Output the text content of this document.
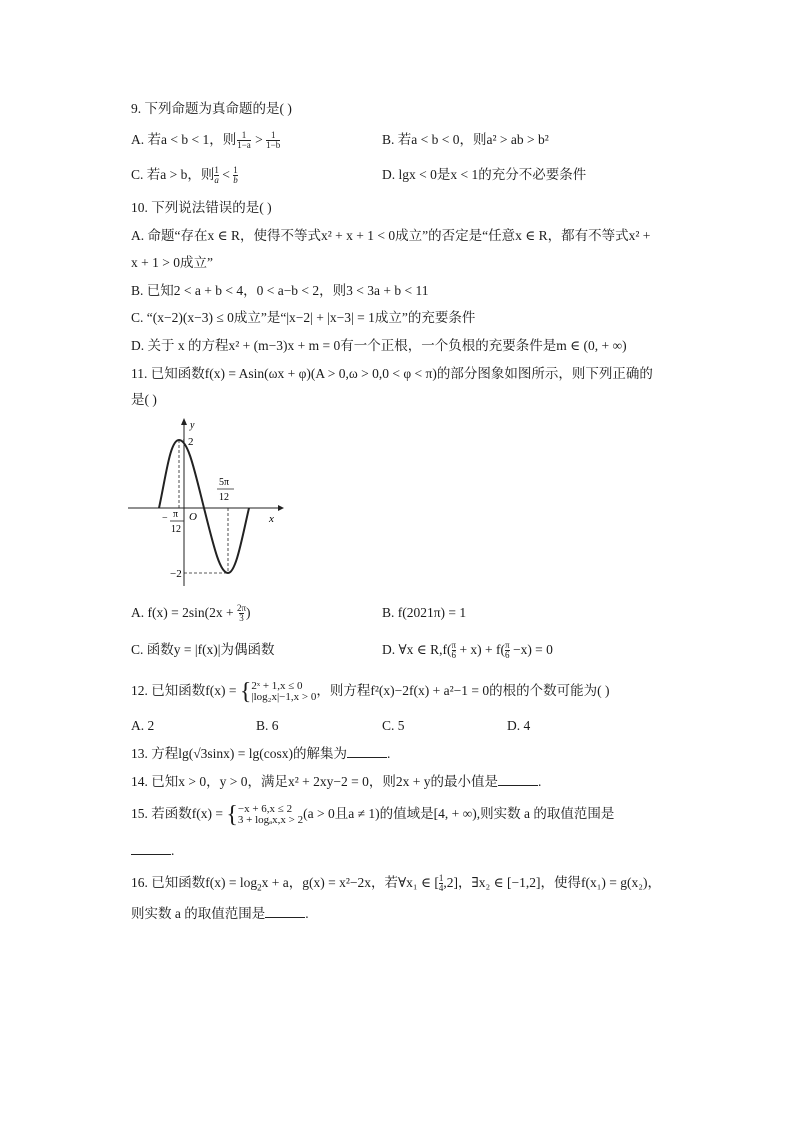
9. 下列命题为真命题的是( )
A. 若a < b < 1，则 $\frac{1}{1-a} > \frac{1}{1-b}$	B. 若a < b < 0，则a² > ab > b²
C. 若a > b，则 $\frac{1}{a} < \frac{1}{b}$	D. lgx < 0是x < 1的充分不必要条件
10. 下列说法错误的是( )
A. 命题“存在x ∈ R，使得不等式x² + x + 1 < 0成立”的否定是“任意x ∈ R，都有不等式x² +
x + 1 > 0成立”
B. 已知2 < a + b < 4，0 < a−b < 2，则3 < 3a + b < 11
C. “(x−2)(x−3) ≤ 0成立”是“|x−2| + |x−3| = 1成立”的充要条件
D. 关于 x 的方程x² + (m−3)x + m = 0有一个正根，一个负根的充要条件是m ∈ (0, + ∞)
11. 已知函数f(x) = Asin(ωx + φ)(A > 0,ω > 0,0 < φ < π)的部分图象如图所示，则下列正确的
是( )
y
x
O
2
−2
− π
12
5π
12
A. $f(x) = 2\sin(2x + \frac{2\pi}{3}$ )	B. f(2021π) = 1
C. 函数y = |f(x)|为偶函数	D. ∀x ∈ $R,f( \frac{\pi}{6} + x) + f( \frac{\pi}{6} -x) = 0$
12. 已知函数f(x) = { 2ˣ + 1,x ≤ 0
|log₂x|−1,x > 0 ，则方程f²(x)−2f(x) + a²−1 = 0的根的个数可能为( )
A. 2	B. 6	C. 5	D. 4
13. 方程lg(√3sinx) = lg(cosx)的解集为	.
14. 已知x > 0，y > 0，满足x² + 2xy−2 = 0，则2x + y的最小值是	.
15. 若函数f(x) = { −x + 6,x ≤ 2
3 + logₐx,x > 2 (a > 0且a ≠ 1)的值域是[4, + ∞),则实数 a 的取值范围是
.
16. 已知函数$f(x) = \log_2x + a$，g(x) = x²−2x，若∀x₁ ∈ [ $\frac{1}{4} ,2$]，∃x₂ ∈ [−1,2]，使得f(x₁) = g(x₂)，
则实数 a 的取值范围是	.
